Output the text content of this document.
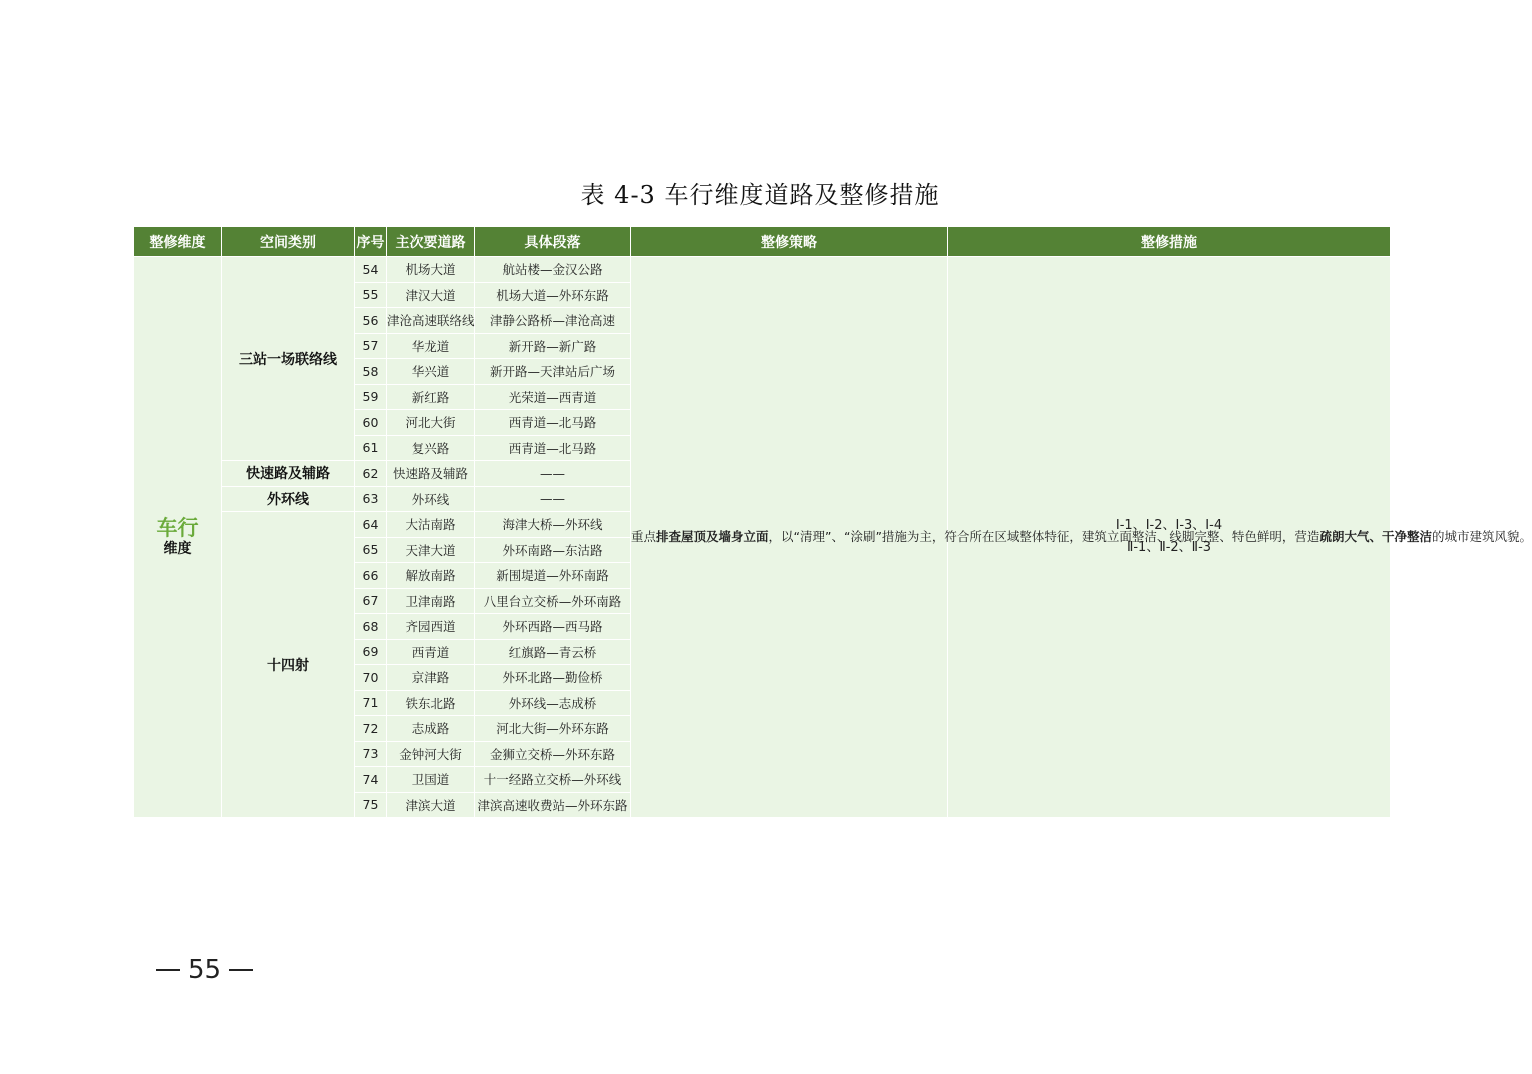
表 4-3 车行维度道路及整修措施
整修维度	空间类别	序号	主次要道路	具体段落	整修策略	整修措施

车行
维度	三站一场联络线	54	机场大道	航站楼—金汉公路	重点排查屋顶及墙身立面，以“清理”、“涂刷”措施为主，符合所在区域整体特征，建筑立面整洁、线脚完整、特色鲜明，营造疏朗大气、干净整洁的城市建筑风貌。	Ⅰ-1、Ⅰ-2、Ⅰ-3、Ⅰ-4
Ⅱ-1、Ⅱ-2、Ⅱ-3

		55	津汉大道	机场大道—外环东路		
		56	津沧高速联络线	津静公路桥—津沧高速		
		57	华龙道	新开路—新广路		
		58	华兴道	新开路—天津站后广场		
		59	新红路	光荣道—西青道		
		60	河北大街	西青道—北马路		
		61	复兴路	西青道—北马路		
	快速路及辅路	62	快速路及辅路	——		
	外环线	63	外环线	——		
	十四射	64	大沽南路	海津大桥—外环线		
		65	天津大道	外环南路—东沽路		
		66	解放南路	新围堤道—外环南路		
		67	卫津南路	八里台立交桥—外环南路		
		68	齐园西道	外环西路—西马路		
		69	西青道	红旗路—青云桥		
		70	京津路	外环北路—勤俭桥		
		71	铁东北路	外环线—志成桥		
		72	志成路	河北大街—外环东路		
		73	金钟河大街	金狮立交桥—外环东路		
		74	卫国道	十一经路立交桥—外环线		
		75	津滨大道	津滨高速收费站—外环东路		
55
